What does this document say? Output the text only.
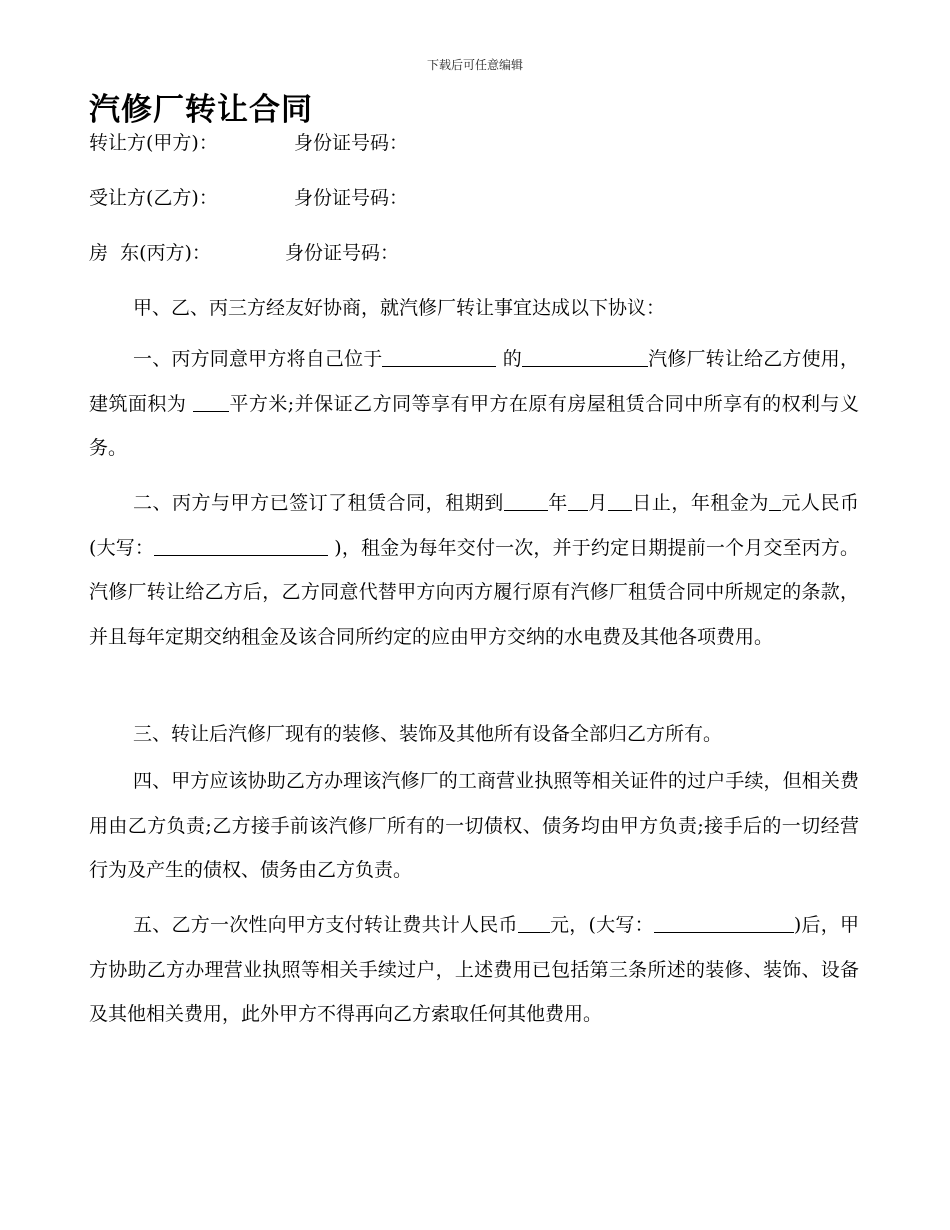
下载后可任意编辑
汽修厂转让合同
转让方(甲方)：	身份证号码：
受让方(乙方)：	身份证号码：
房  东(丙方)：	身份证号码：

甲、乙、丙三方经友好协商，就汽修厂转让事宜达成以下协议：

一、丙方同意甲方将自己位于	的	汽修厂转让给乙方使用，建筑面积为 平方米;并保证乙方同等享有甲方在原有房屋租赁合同中所享有的权利与义务。

二、丙方与甲方已签订了租赁合同，租期到 年 月 日止，年租金为 元人民币(大写：	)，租金为每年交付一次，并于约定日期提前一个月交至丙方。汽修厂转让给乙方后，乙方同意代替甲方向丙方履行原有汽修厂租赁合同中所规定的条款，并且每年定期交纳租金及该合同所约定的应由甲方交纳的水电费及其他各项费用。

三、转让后汽修厂现有的装修、装饰及其他所有设备全部归乙方所有。

四、甲方应该协助乙方办理该汽修厂的工商营业执照等相关证件的过户手续，但相关费用由乙方负责;乙方接手前该汽修厂所有的一切债权、债务均由甲方负责;接手后的一切经营行为及产生的债权、债务由乙方负责。

五、乙方一次性向甲方支付转让费共计人民币 元，(大写：	)后，甲方协助乙方办理营业执照等相关手续过户，上述费用已包括第三条所述的装修、装饰、设备及其他相关费用，此外甲方不得再向乙方索取任何其他费用。
